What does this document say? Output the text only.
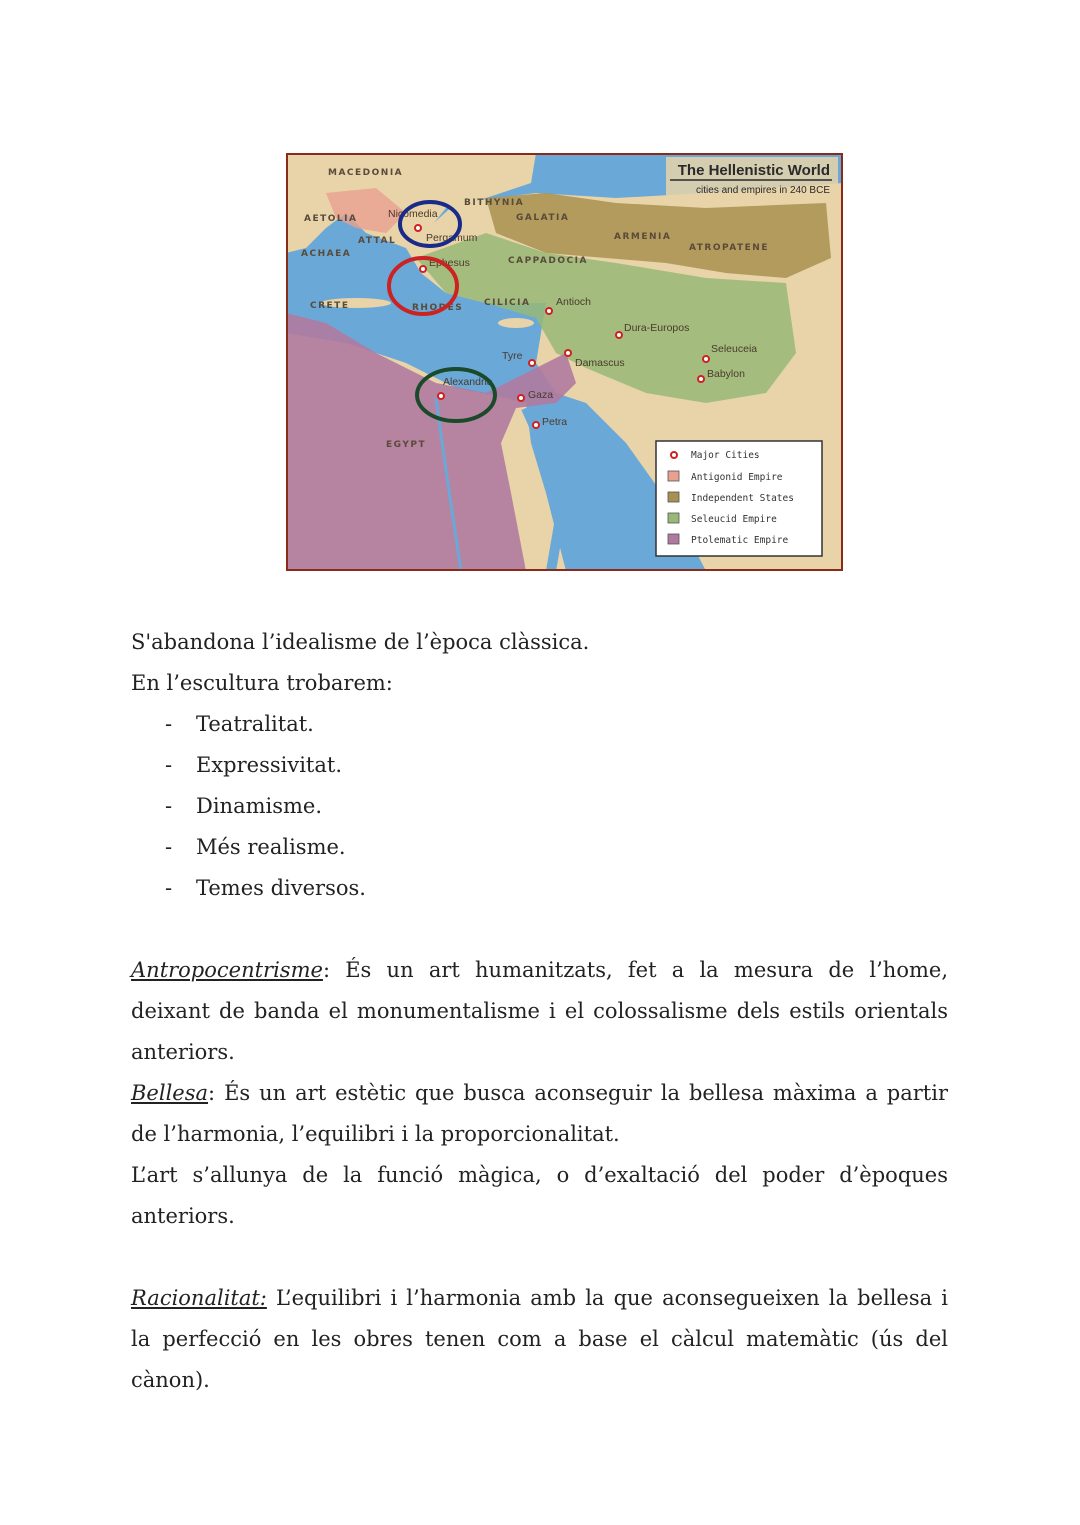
MACEDONIA
AETOLIA
ACHAEA
ATTAL
BITHYNIA
GALATIA
ARMENIA
ATROPATENE
CAPPADOCIA
CRETE	RHODES CILICIA
EGYPT
Nicomedia
Pergamum
Ephesus
Antioch
Dura-Europos
Seleuceia
Babylon
Tyre
Damascus
Alexandria
Gaza
Petra
The Hellenistic World
cities and empires in 240 BCE
Major Cities
Antigonid Empire
Independent States
Seleucid Empire
Ptolematic Empire

S'abandona l’idealisme de l’època clàssica.

En l’escultura trobarem:

- Teatralitat.
- Expressivitat.
- Dinamisme.
- Més realisme.
- Temes diversos.

Antropocentrisme: És un art humanitzats, fet a la mesura de l’home, deixant de banda el monumentalisme i el colossalisme dels estils orientals anteriors.

Bellesa: És un art estètic que busca aconseguir la bellesa màxima a partir de l’harmonia, l’equilibri i la proporcionalitat.

L’art s’allunya de la funció màgica, o d’exaltació del poder d’èpoques anteriors.

Racionalitat: L’equilibri i l’harmonia amb la que aconsegueixen la bellesa i la perfecció en les obres tenen com a base el càlcul matemàtic (ús del cànon).
